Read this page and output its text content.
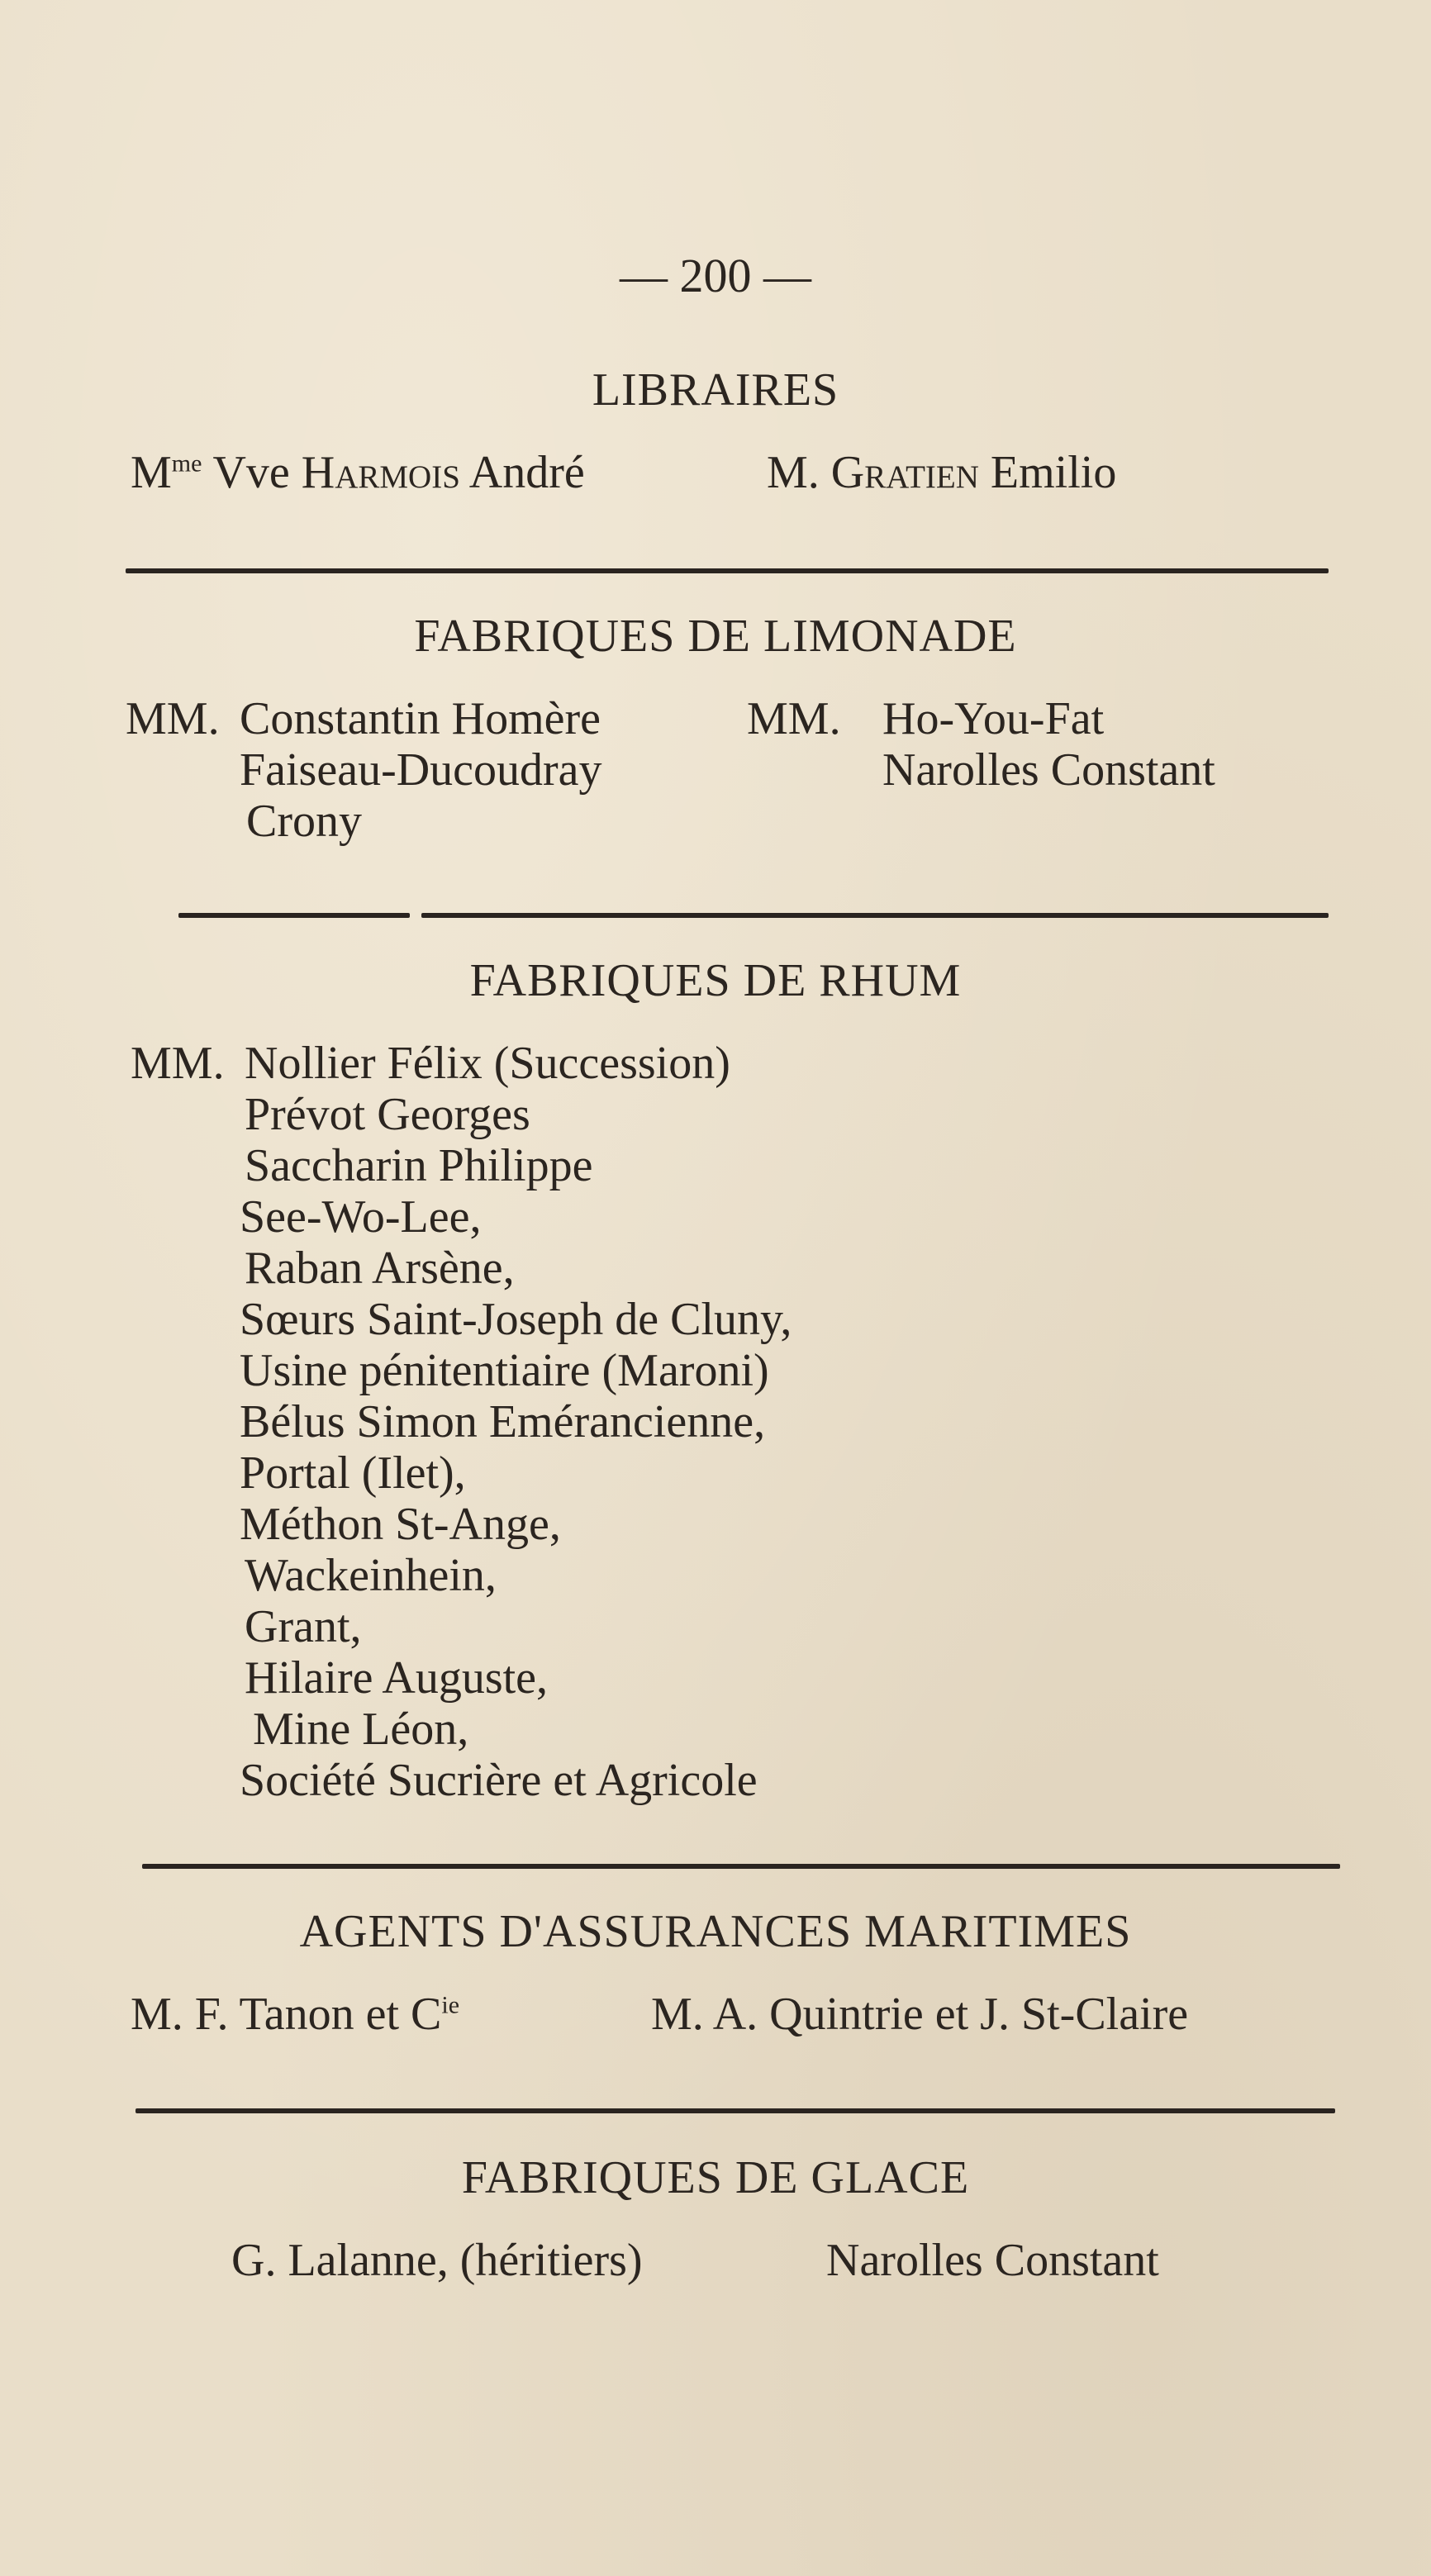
— 200 —
LIBRAIRES
$M^{me}$ Vve Harmois André	M. Gratien Emilio
FABRIQUES DE LIMONADE
MM. Constantin Homère
Faiseau-Ducoudray
Crony
MM. Ho-You-Fat
Narolles Constant
FABRIQUES DE RHUM
MM. Nollier Félix (Succession)
Prévot Georges
Saccharin Philippe
See-Wo-Lee,
Raban Arsène,
Sœurs Saint-Joseph de Cluny,
Usine pénitentiaire (Maroni)
Bélus Simon Emérancienne,
Portal (Ilet),
Méthon St-Ange,
Wackeinhein,
Grant,
Hilaire Auguste,
Mine Léon,
Société Sucrière et Agricole
AGENTS D'ASSURANCES MARITIMES
M. F. Tanon et $C^{ie}$	M. A. Quintrie et J. St-Claire
FABRIQUES DE GLACE
G. Lalanne, (héritiers)	Narolles Constant
